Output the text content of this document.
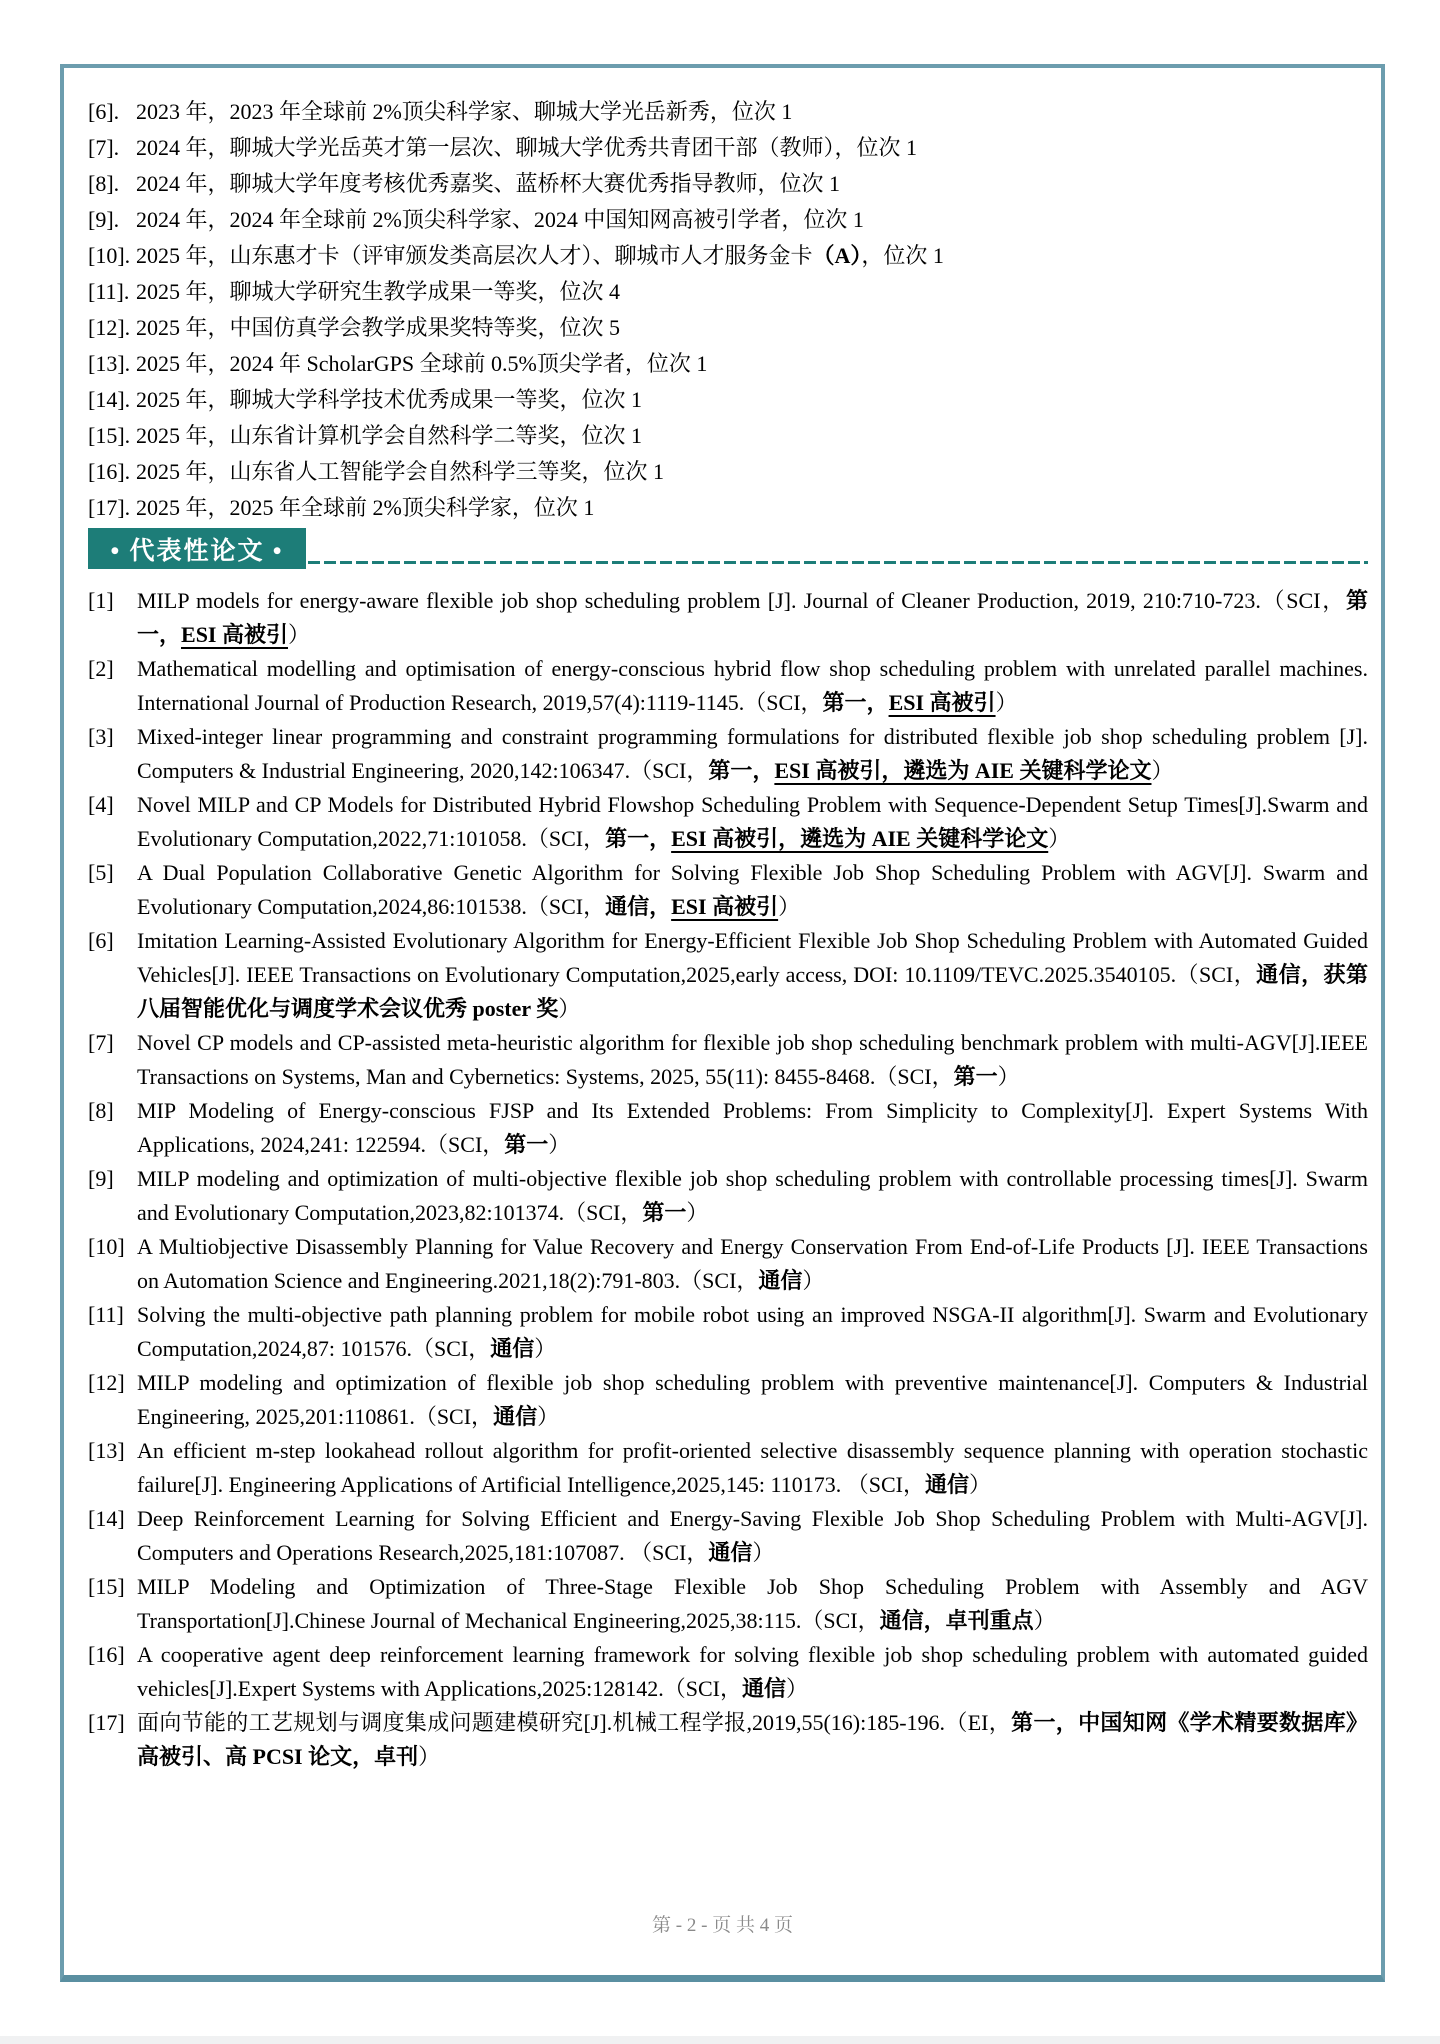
[6]. 2023 年，2023 年全球前 2%顶尖科学家、聊城大学光岳新秀，位次 1
[7]. 2024 年，聊城大学光岳英才第一层次、聊城大学优秀共青团干部（教师），位次 1
[8]. 2024 年，聊城大学年度考核优秀嘉奖、蓝桥杯大赛优秀指导教师，位次 1
[9]. 2024 年，2024 年全球前 2%顶尖科学家、2024 中国知网高被引学者，位次 1
[10]. 2025 年，山东惠才卡（评审颁发类高层次人才）、聊城市人才服务金卡（A），位次 1
[11]. 2025 年，聊城大学研究生教学成果一等奖，位次 4
[12]. 2025 年，中国仿真学会教学成果奖特等奖，位次 5
[13]. 2025 年，2024 年 ScholarGPS 全球前 0.5%顶尖学者，位次 1
[14]. 2025 年，聊城大学科学技术优秀成果一等奖，位次 1
[15]. 2025 年，山东省计算机学会自然科学二等奖，位次 1
[16]. 2025 年，山东省人工智能学会自然科学三等奖，位次 1
[17]. 2025 年，2025 年全球前 2%顶尖科学家，位次 1
• 代表性论文 •
[1]	MILP models for energy-aware flexible job shop scheduling problem [J]. Journal of Cleaner Production, 2019, 210:710-723.（SCI，第一，ESI 高被引）
[2]	Mathematical modelling and optimisation of energy-conscious hybrid flow shop scheduling problem with unrelated parallel machines. International Journal of Production Research, 2019,57(4):1119-1145.（SCI，第一，ESI 高被引）
[3]	Mixed-integer linear programming and constraint programming formulations for distributed flexible job shop scheduling problem [J]. Computers & Industrial Engineering, 2020,142:106347.（SCI，第一，ESI 高被引，遴选为 AIE 关键科学论文）
[4]	Novel MILP and CP Models for Distributed Hybrid Flowshop Scheduling Problem with Sequence-Dependent Setup Times[J].Swarm and Evolutionary Computation,2022,71:101058.（SCI，第一，ESI 高被引，遴选为 AIE 关键科学论文）
[5]	A Dual Population Collaborative Genetic Algorithm for Solving Flexible Job Shop Scheduling Problem with AGV[J]. Swarm and Evolutionary Computation,2024,86:101538.（SCI，通信，ESI 高被引）
[6]	Imitation Learning-Assisted Evolutionary Algorithm for Energy-Efficient Flexible Job Shop Scheduling Problem with Automated Guided Vehicles[J]. IEEE Transactions on Evolutionary Computation,2025,early access, DOI: 10.1109/TEVC.2025.3540105.（SCI，通信，获第八届智能优化与调度学术会议优秀 poster 奖）
[7]	Novel CP models and CP-assisted meta-heuristic algorithm for flexible job shop scheduling benchmark problem with multi-AGV[J].IEEE Transactions on Systems, Man and Cybernetics: Systems, 2025, 55(11): 8455-8468.（SCI，第一）
[8]	MIP Modeling of Energy-conscious FJSP and Its Extended Problems: From Simplicity to Complexity[J]. Expert Systems With Applications, 2024,241: 122594.（SCI，第一）
[9]	MILP modeling and optimization of multi-objective flexible job shop scheduling problem with controllable processing times[J]. Swarm and Evolutionary Computation,2023,82:101374.（SCI，第一）
[10] A Multiobjective Disassembly Planning for Value Recovery and Energy Conservation From End-of-Life Products [J]. IEEE Transactions on Automation Science and Engineering.2021,18(2):791-803.（SCI，通信）
[11] Solving the multi-objective path planning problem for mobile robot using an improved NSGA-II algorithm[J]. Swarm and Evolutionary Computation,2024,87: 101576.（SCI，通信）
[12] MILP modeling and optimization of flexible job shop scheduling problem with preventive maintenance[J]. Computers & Industrial Engineering, 2025,201:110861.（SCI，通信）
[13] An efficient m-step lookahead rollout algorithm for profit-oriented selective disassembly sequence planning with operation stochastic failure[J]. Engineering Applications of Artificial Intelligence,2025,145: 110173. （SCI，通信）
[14] Deep Reinforcement Learning for Solving Efficient and Energy-Saving Flexible Job Shop Scheduling Problem with Multi-AGV[J]. Computers and Operations Research,2025,181:107087. （SCI，通信）
[15] MILP Modeling and Optimization of Three-Stage Flexible Job Shop Scheduling Problem with Assembly and AGV Transportation[J].Chinese Journal of Mechanical Engineering,2025,38:115.（SCI，通信，卓刊重点）
[16] A cooperative agent deep reinforcement learning framework for solving flexible job shop scheduling problem with automated guided vehicles[J].Expert Systems with Applications,2025:128142.（SCI，通信）
[17] 面向节能的工艺规划与调度集成问题建模研究[J].机械工程学报,2019,55(16):185-196.（EI，第一，中国知网《学术精要数据库》高被引、高 PCSI 论文，卓刊）
第 - 2 - 页 共 4 页
